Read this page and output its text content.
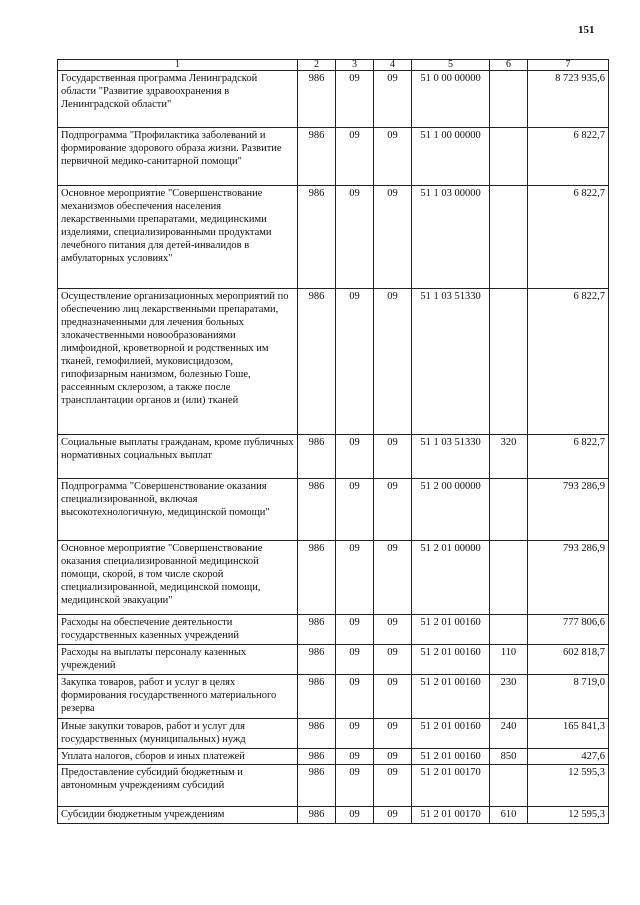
151
1	2	3	4	5	6	7
Государственная программа Ленинградской области "Развитие здравоохранения в Ленинградской области"	986	09	09	51 0 00 00000		8 723 935,6
Подпрограмма "Профилактика заболеваний и формирование здорового образа жизни. Развитие первичной медико-санитарной помощи"	986	09	09	51 1 00 00000		6 822,7
Основное мероприятие "Совершенствование механизмов обеспечения населения лекарственными препаратами, медицинскими изделиями, специализированными продуктами лечебного питания для детей-инвалидов в амбулаторных условиях"	986	09	09	51 1 03 00000		6 822,7
Осуществление организационных мероприятий по обеспечению лиц лекарственными препаратами, предназначенными для лечения больных злокачественными новообразованиями лимфоидной, кроветворной и родственных им тканей, гемофилией, муковисцидозом, гипофизарным нанизмом, болезнью Гоше, рассеянным склерозом, а также после трансплантации органов и (или) тканей	986	09	09	51 1 03 51330		6 822,7
Социальные выплаты гражданам, кроме публичных нормативных социальных выплат	986	09	09	51 1 03 51330	320	6 822,7
Подпрограмма "Совершенствование оказания специализированной, включая высокотехнологичную, медицинской помощи"	986	09	09	51 2 00 00000		793 286,9
Основное мероприятие "Совершенствование оказания специализированной медицинской помощи, скорой, в том числе скорой специализированной, медицинской помощи, медицинской эвакуации"	986	09	09	51 2 01 00000		793 286,9
Расходы на обеспечение деятельности государственных казенных учреждений	986	09	09	51 2 01 00160		777 806,6
Расходы на выплаты персоналу казенных учреждений	986	09	09	51 2 01 00160	110	602 818,7
Закупка товаров, работ и услуг в целях формирования государственного материального резерва	986	09	09	51 2 01 00160	230	8 719,0
Иные закупки товаров, работ и услуг для государственных (муниципальных) нужд	986	09	09	51 2 01 00160	240	165 841,3
Уплата налогов, сборов и иных платежей	986	09	09	51 2 01 00160	850	427,6
Предоставление субсидий бюджетным и автономным учреждениям субсидий	986	09	09	51 2 01 00170		12 595,3
Субсидии бюджетным учреждениям	986	09	09	51 2 01 00170	610	12 595,3
